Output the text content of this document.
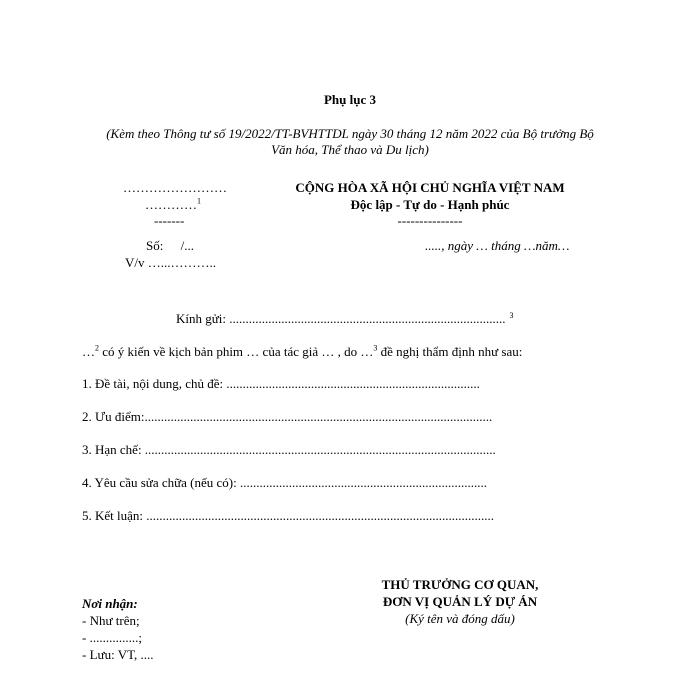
Phụ lục 3
(Kèm theo Thông tư số 19/2022/TT-BVHTTDL ngày 30 tháng 12 năm 2022 của Bộ trưởng Bộ
Văn hóa, Thể thao và Du lịch)
……………………
…………$^1$
-------
Số: /...
V/v …...………..
CỘNG HÒA XÃ HỘI CHỦ NGHĨA VIỆT NAM
Độc lập - Tự do - Hạnh phúc
---------------
....., ngày … tháng …năm…
Kính gửi: ..................................................................................... $^3$
…$^2$ có ý kiến về kịch bản phim … của tác giả … , do …$^3$ đề nghị thẩm định như sau:
1. Đề tài, nội dung, chủ đề: ..............................................................................
2. Ưu điểm:...........................................................................................................
3. Hạn chế: ............................................................................................................
4. Yêu cầu sửa chữa (nếu có): ............................................................................
5. Kết luận: ...........................................................................................................
Nơi nhận:
- Như trên;
- ...............;
- Lưu: VT, ....
THỦ TRƯỞNG CƠ QUAN,
ĐƠN VỊ QUẢN LÝ DỰ ÁN
(Ký tên và đóng dấu)
